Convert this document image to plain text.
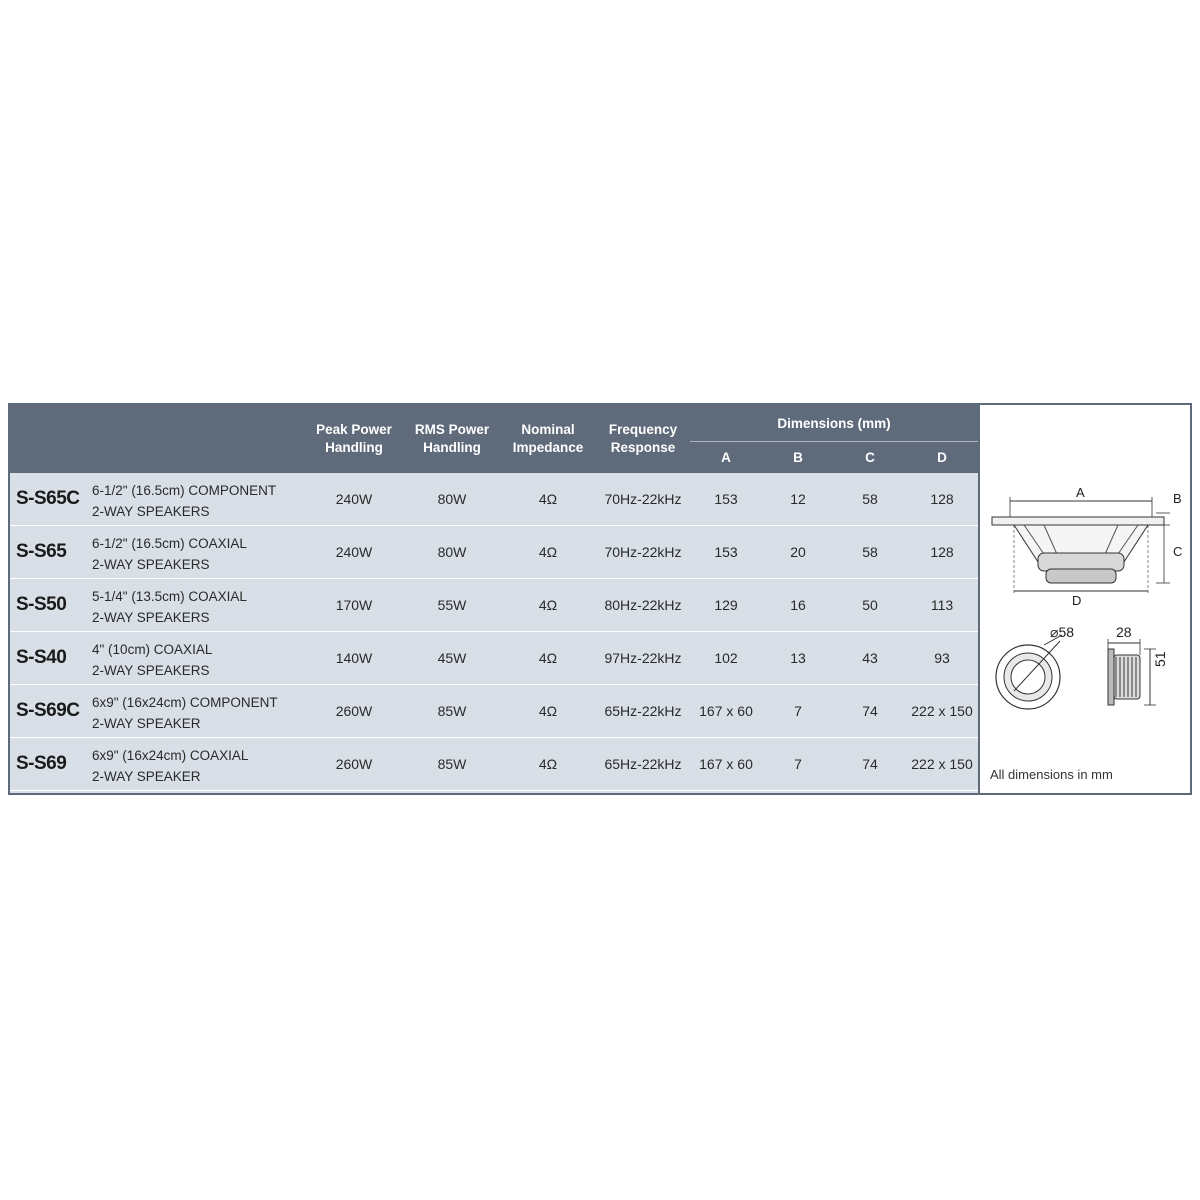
Peak Power
Handling
RMS Power
Handling
Nominal
Impedance
Frequency
Response
Dimensions (mm)
A	B	C	D
S-S65C 6-1/2" (16.5cm) COMPONENT
2-WAY SPEAKERS
240W	80W	4Ω	70Hz-22kHz	153	12	58	128
S-S65 6-1/2" (16.5cm) COAXIAL
2-WAY SPEAKERS
240W	80W	4Ω	70Hz-22kHz	153	20	58	128
S-S50 5-1/4" (13.5cm) COAXIAL
2-WAY SPEAKERS
170W	55W	4Ω	80Hz-22kHz	129	16	50	113
S-S40 4" (10cm) COAXIAL
2-WAY SPEAKERS
140W	45W	4Ω	97Hz-22kHz	102	13	43	93
S-S69C 6x9" (16x24cm) COMPONENT
2-WAY SPEAKER
260W	85W	4Ω	65Hz-22kHz	167 x 60	7	74	222 x 150
S-S69 6x9" (16x24cm) COAXIAL
2-WAY SPEAKER
260W	85W	4Ω	65Hz-22kHz	167 x 60	7	74	222 x 150
A	B
C
D
⌀58	28
51
All dimensions in mm
